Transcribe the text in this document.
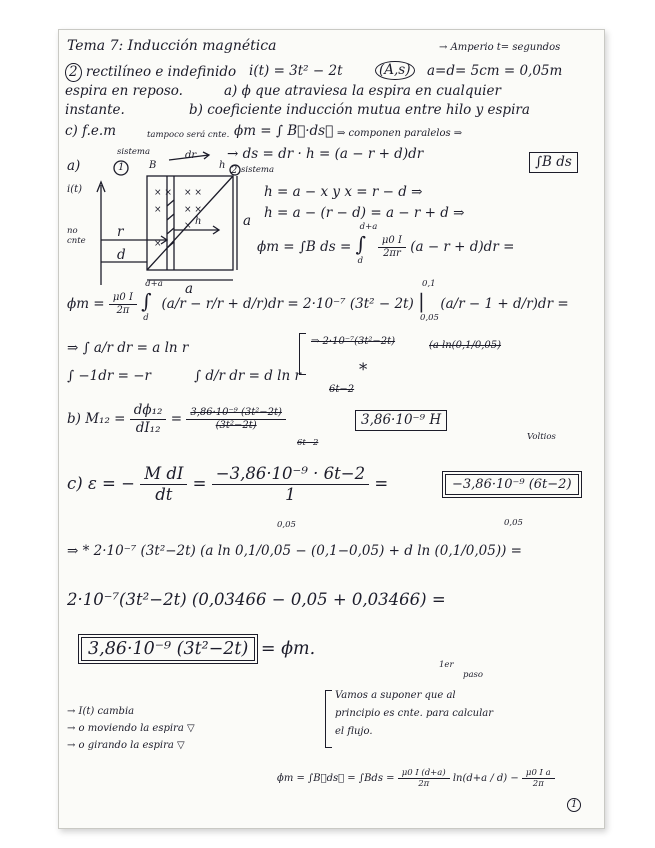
Tema 7: Inducción magnética	→ Amperio t= segundos
2 rectilíneo e indefinido i(t) = 3t² − 2t	(A,s) a=d= 5cm = 0,05m
espira en reposo.	a) ϕ que atraviesa la espira en cualquier
instante.	b) coeficiente inducción mutua entre hilo y espira
c) f.e.m	tampoco será cnte. ϕm = ∫ B⃗·ds⃗ ⇒ componen paralelos ⇒
× × × ×
× × ×
×
×
a)	1
sistema
2 sistema
B
dr
h
i(t)
no
cnte
r
d
a
a
h
→ ds = dr · h = (a − r + d)dr	∫B ds
h = a − x y x = r − d ⇒
h = a − (r − d) = a − r + d ⇒
ϕm = ∫B ds =
d+a
∫
d

$\frac{\mu 0 I}{2\pi r} (a - r + d)dr$ =
$\phi m = \frac{\mu 0 I}{2\pi}$

d+a
∫
d
(a/r − r/r + d/r)dr = 2·10⁻⁷ (3t² − 2t)
0,1
|
0,05
(a/r − 1 + d/r)dr =
⇒ ∫ a/r dr = a ln r
∫ −1dr = −r	∫ d/r dr = d ln r
⇒ 2·10⁻⁷(3t²−2t)	(a ln(0,1/0,05)
*
6t−2
b) $M_{12} = \frac{\text{dϕ₁₂}}{\text{dI₁₂}} = \frac{\text{3,86·10⁻⁹ (3t²−2t)}}{\text{(3t²−2t)}}$
6t−2
3,86·10⁻⁹ H
Voltios
c) ε = − $\frac{\text{M dI}}{dt} = \frac{\text{−3,86·10⁻⁹ · 6t−2}}{1}$ =	−3,86·10⁻⁹ (6t−2)
0,05	0,05
⇒ * 2·10⁻⁷ (3t²−2t) (a ln 0,1/0,05 − (0,1−0,05) + d ln (0,1/0,05)) =
2·10⁻⁷(3t²−2t) (0,03466 − 0,05 + 0,03466) =
3,86·10⁻⁹ (3t²−2t) = ϕm.
1er
paso
Vamos a suponer que al
principio es cnte. para calcular
el flujo.
→ I(t) cambia
→ o moviendo la espira ▽
→ o girando la espira ▽
ϕm = ∫B⃗ds⃗ = $\int Bds = \frac{\mu 0 I (d+a)}{2\pi} \ln(d+a / d) - \frac{\text{μ0 I a}}{2\pi}$
1
